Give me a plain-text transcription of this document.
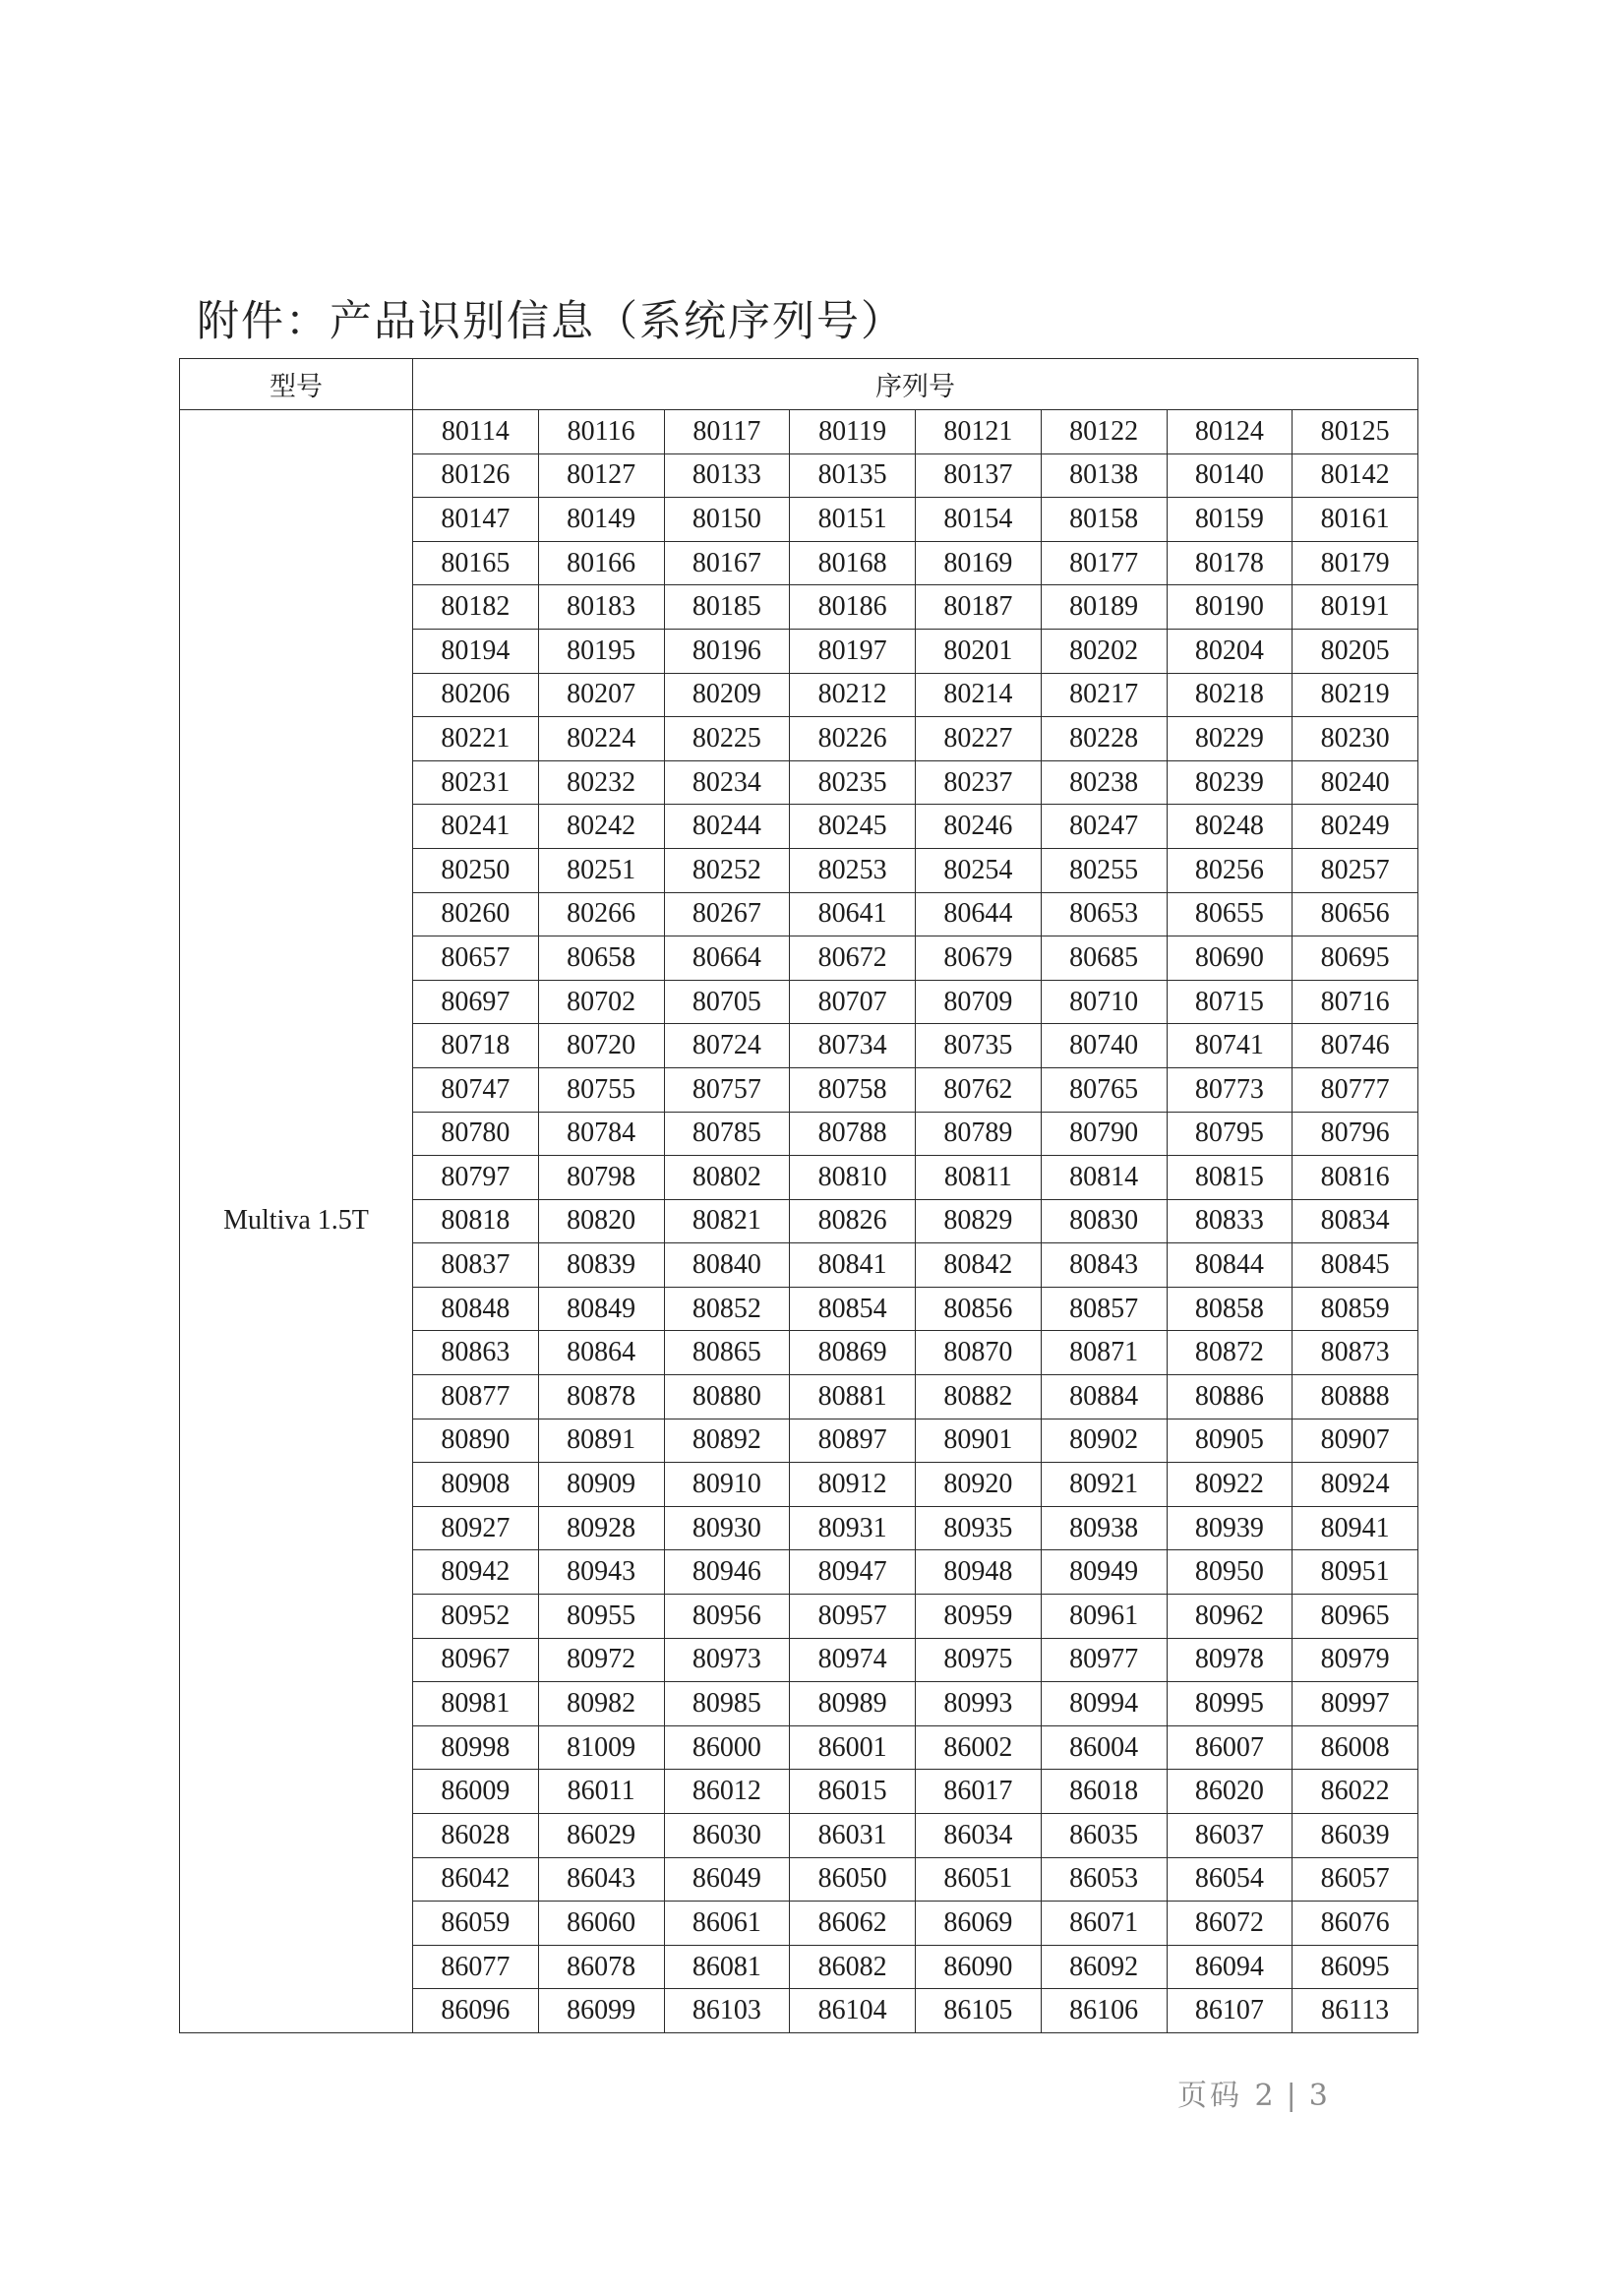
附件：产品识别信息（系统序列号）
型号	序列号							
Multiva 1.5T	80114	80116	80117	80119	80121	80122	80124	80125
	80126	80127	80133	80135	80137	80138	80140	80142
	80147	80149	80150	80151	80154	80158	80159	80161
	80165	80166	80167	80168	80169	80177	80178	80179
	80182	80183	80185	80186	80187	80189	80190	80191
	80194	80195	80196	80197	80201	80202	80204	80205
	80206	80207	80209	80212	80214	80217	80218	80219
	80221	80224	80225	80226	80227	80228	80229	80230
	80231	80232	80234	80235	80237	80238	80239	80240
	80241	80242	80244	80245	80246	80247	80248	80249
	80250	80251	80252	80253	80254	80255	80256	80257
	80260	80266	80267	80641	80644	80653	80655	80656
	80657	80658	80664	80672	80679	80685	80690	80695
	80697	80702	80705	80707	80709	80710	80715	80716
	80718	80720	80724	80734	80735	80740	80741	80746
	80747	80755	80757	80758	80762	80765	80773	80777
	80780	80784	80785	80788	80789	80790	80795	80796
	80797	80798	80802	80810	80811	80814	80815	80816
	80818	80820	80821	80826	80829	80830	80833	80834
	80837	80839	80840	80841	80842	80843	80844	80845
	80848	80849	80852	80854	80856	80857	80858	80859
	80863	80864	80865	80869	80870	80871	80872	80873
	80877	80878	80880	80881	80882	80884	80886	80888
	80890	80891	80892	80897	80901	80902	80905	80907
	80908	80909	80910	80912	80920	80921	80922	80924
	80927	80928	80930	80931	80935	80938	80939	80941
	80942	80943	80946	80947	80948	80949	80950	80951
	80952	80955	80956	80957	80959	80961	80962	80965
	80967	80972	80973	80974	80975	80977	80978	80979
	80981	80982	80985	80989	80993	80994	80995	80997
	80998	81009	86000	86001	86002	86004	86007	86008
	86009	86011	86012	86015	86017	86018	86020	86022
	86028	86029	86030	86031	86034	86035	86037	86039
	86042	86043	86049	86050	86051	86053	86054	86057
	86059	86060	86061	86062	86069	86071	86072	86076
	86077	86078	86081	86082	86090	86092	86094	86095
	86096	86099	86103	86104	86105	86106	86107	86113
页码 2 | 3
